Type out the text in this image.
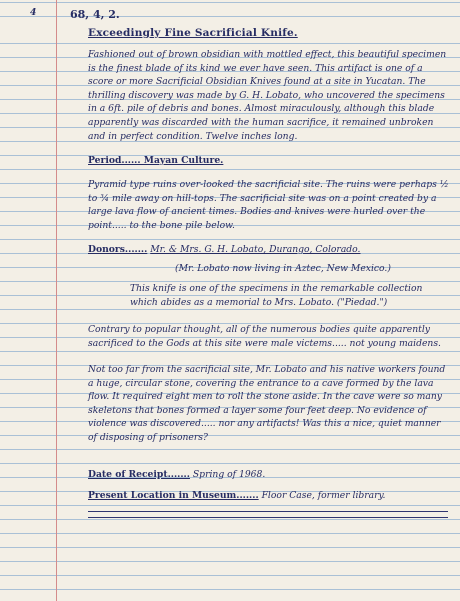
4	68, 4, 2.
Exceedingly Fine Sacrificial Knife.

Fashioned out of brown obsidian with mottled effect, this beautiful specimen is the finest blade of its kind we ever have seen. This artifact is one of a score or more Sacrificial Obsidian Knives found at a site in Yucatan. The thrilling discovery was made by G. H. Lobato, who uncovered the specimens in a 6ft. pile of debris and bones. Almost miraculously, although this blade apparently was discarded with the human sacrifice, it remained unbroken and in perfect condition. Twelve inches long.

Period...... Mayan Culture.

Pyramid type ruins over-looked the sacrificial site. The ruins were perhaps ½ to ¾ mile away on hill-tops. The sacrificial site was on a point created by a large lava flow of ancient times. Bodies and knives were hurled over the point..... to the bone pile below.

Donors....... Mr. & Mrs. G. H. Lobato, Durango, Colorado.

(Mr. Lobato now living in Aztec, New Mexico.)

This knife is one of the specimens in the remarkable collection which abides as a memorial to Mrs. Lobato. ("Piedad.")

Contrary to popular thought, all of the numerous bodies quite apparently sacrificed to the Gods at this site were male victems..... not young maidens.

Not too far from the sacrificial site, Mr. Lobato and his native workers found a huge, circular stone, covering the entrance to a cave formed by the lava flow. It required eight men to roll the stone aside. In the cave were so many skeletons that bones formed a layer some four feet deep. No evidence of violence was discovered..... nor any artifacts! Was this a nice, quiet manner of disposing of prisoners?

Date of Receipt....... Spring of 1968.

Present Location in Museum....... Floor Case, former library.
